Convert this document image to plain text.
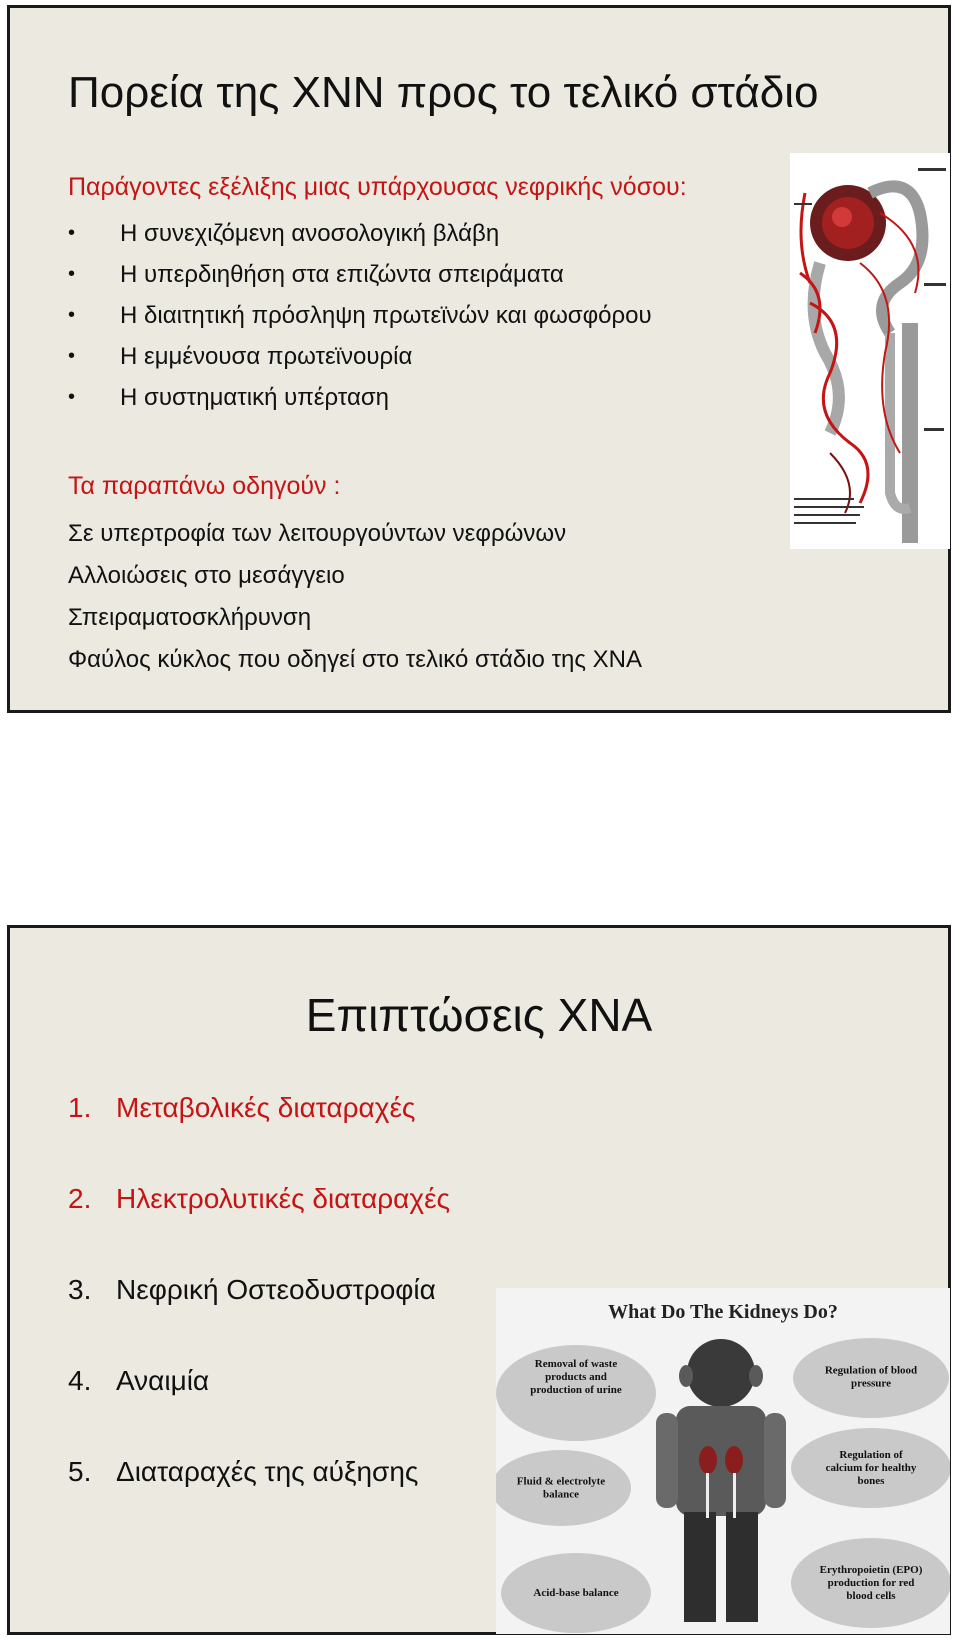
Πορεία της ΧΝΝ προς το τελικό στάδιο
Παράγοντες εξέλιξης μιας υπάρχουσας νεφρικής νόσου:
• Η συνεχιζόμενη ανοσολογική βλάβη
• Η υπερδιηθήση στα επιζώντα σπειράματα
• Η διαιτητική πρόσληψη πρωτεϊνών και φωσφόρου
• Η εμμένουσα πρωτεϊνουρία
• Η συστηματική υπέρταση
Τα παραπάνω οδηγούν :
Σε υπερτροφία των λειτουργούντων νεφρώνων
Αλλοιώσεις στο μεσάγγειο
Σπειραματοσκλήρυνση
Φαύλος κύκλος που οδηγεί στο τελικό στάδιο της ΧΝΑ
Επιπτώσεις ΧΝΑ
1. Μεταβολικές διαταραχές
2. Ηλεκτρολυτικές διαταραχές
3. Νεφρική Οστεοδυστροφία
4. Αναιμία
5. Διαταραχές της αύξησης
What Do The Kidneys Do?
Removal of waste products and production of urine
Regulation of blood pressure
Fluid & electrolyte balance
Regulation of calcium for healthy bones
Acid-base balance
Erythropoietin (EPO) production for red blood cells
